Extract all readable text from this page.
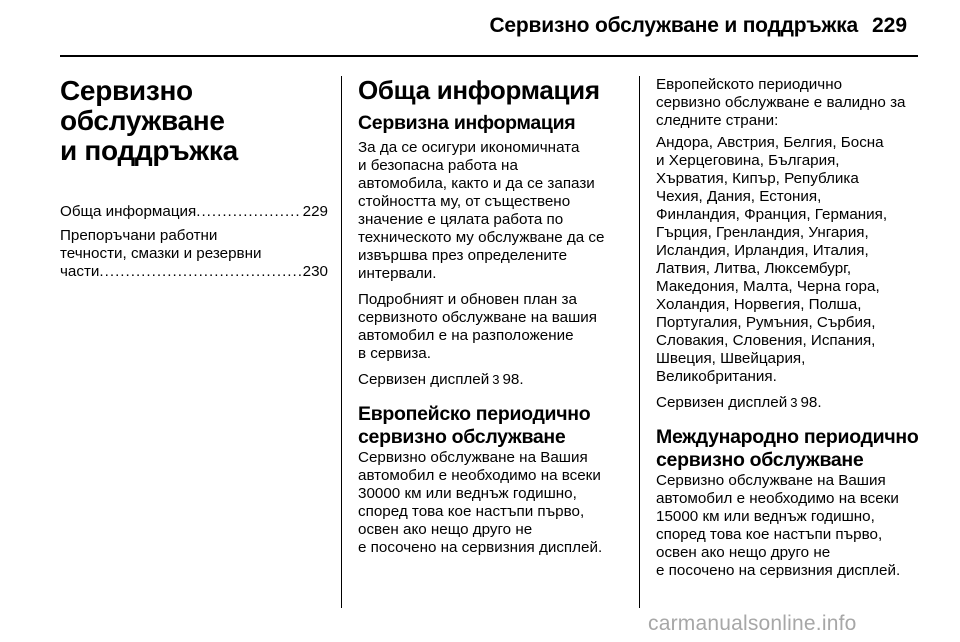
Сервизно обслужване и поддръжка 229
Сервизно
обслужване
и поддръжка
Обща информация .....	229
Препоръчани работни
течности, смазки и резервни
части .....	230
Обща информация
Сервизна информация
За да се осигури икономичната
и безопасна работа на
автомобила, както и да се запази
стойността му, от съществено
значение е цялата работа по
техническото му обслужване да се
извършва през определените
интервали.
Подробният и обновен план за
сервизното обслужване на вашия
автомобил е на разположение
в сервиза.
Сервизен дисплей 3 98.
Европейско периодично
сервизно обслужване
Сервизно обслужване на Вашия
автомобил е необходимо на всеки
30000 км или веднъж годишно,
според това кое настъпи първо,
освен ако нещо друго не
е посочено на сервизния дисплей.
Европейското периодично
сервизно обслужване е валидно за
следните страни:
Андора, Австрия, Белгия, Босна
и Херцеговина, България,
Хърватия, Кипър, Република
Чехия, Дания, Естония,
Финландия, Франция, Германия,
Гърция, Гренландия, Унгария,
Исландия, Ирландия, Италия,
Латвия, Литва, Люксембург,
Македония, Малта, Черна гора,
Холандия, Норвегия, Полша,
Португалия, Румъния, Сърбия,
Словакия, Словения, Испания,
Швеция, Швейцария,
Великобритания.
Сервизен дисплей 3 98.
Международно периодично
сервизно обслужване
Сервизно обслужване на Вашия
автомобил е необходимо на всеки
15000 км или веднъж годишно,
според това кое настъпи първо,
освен ако нещо друго не
е посочено на сервизния дисплей.
carmanualsonline.info
